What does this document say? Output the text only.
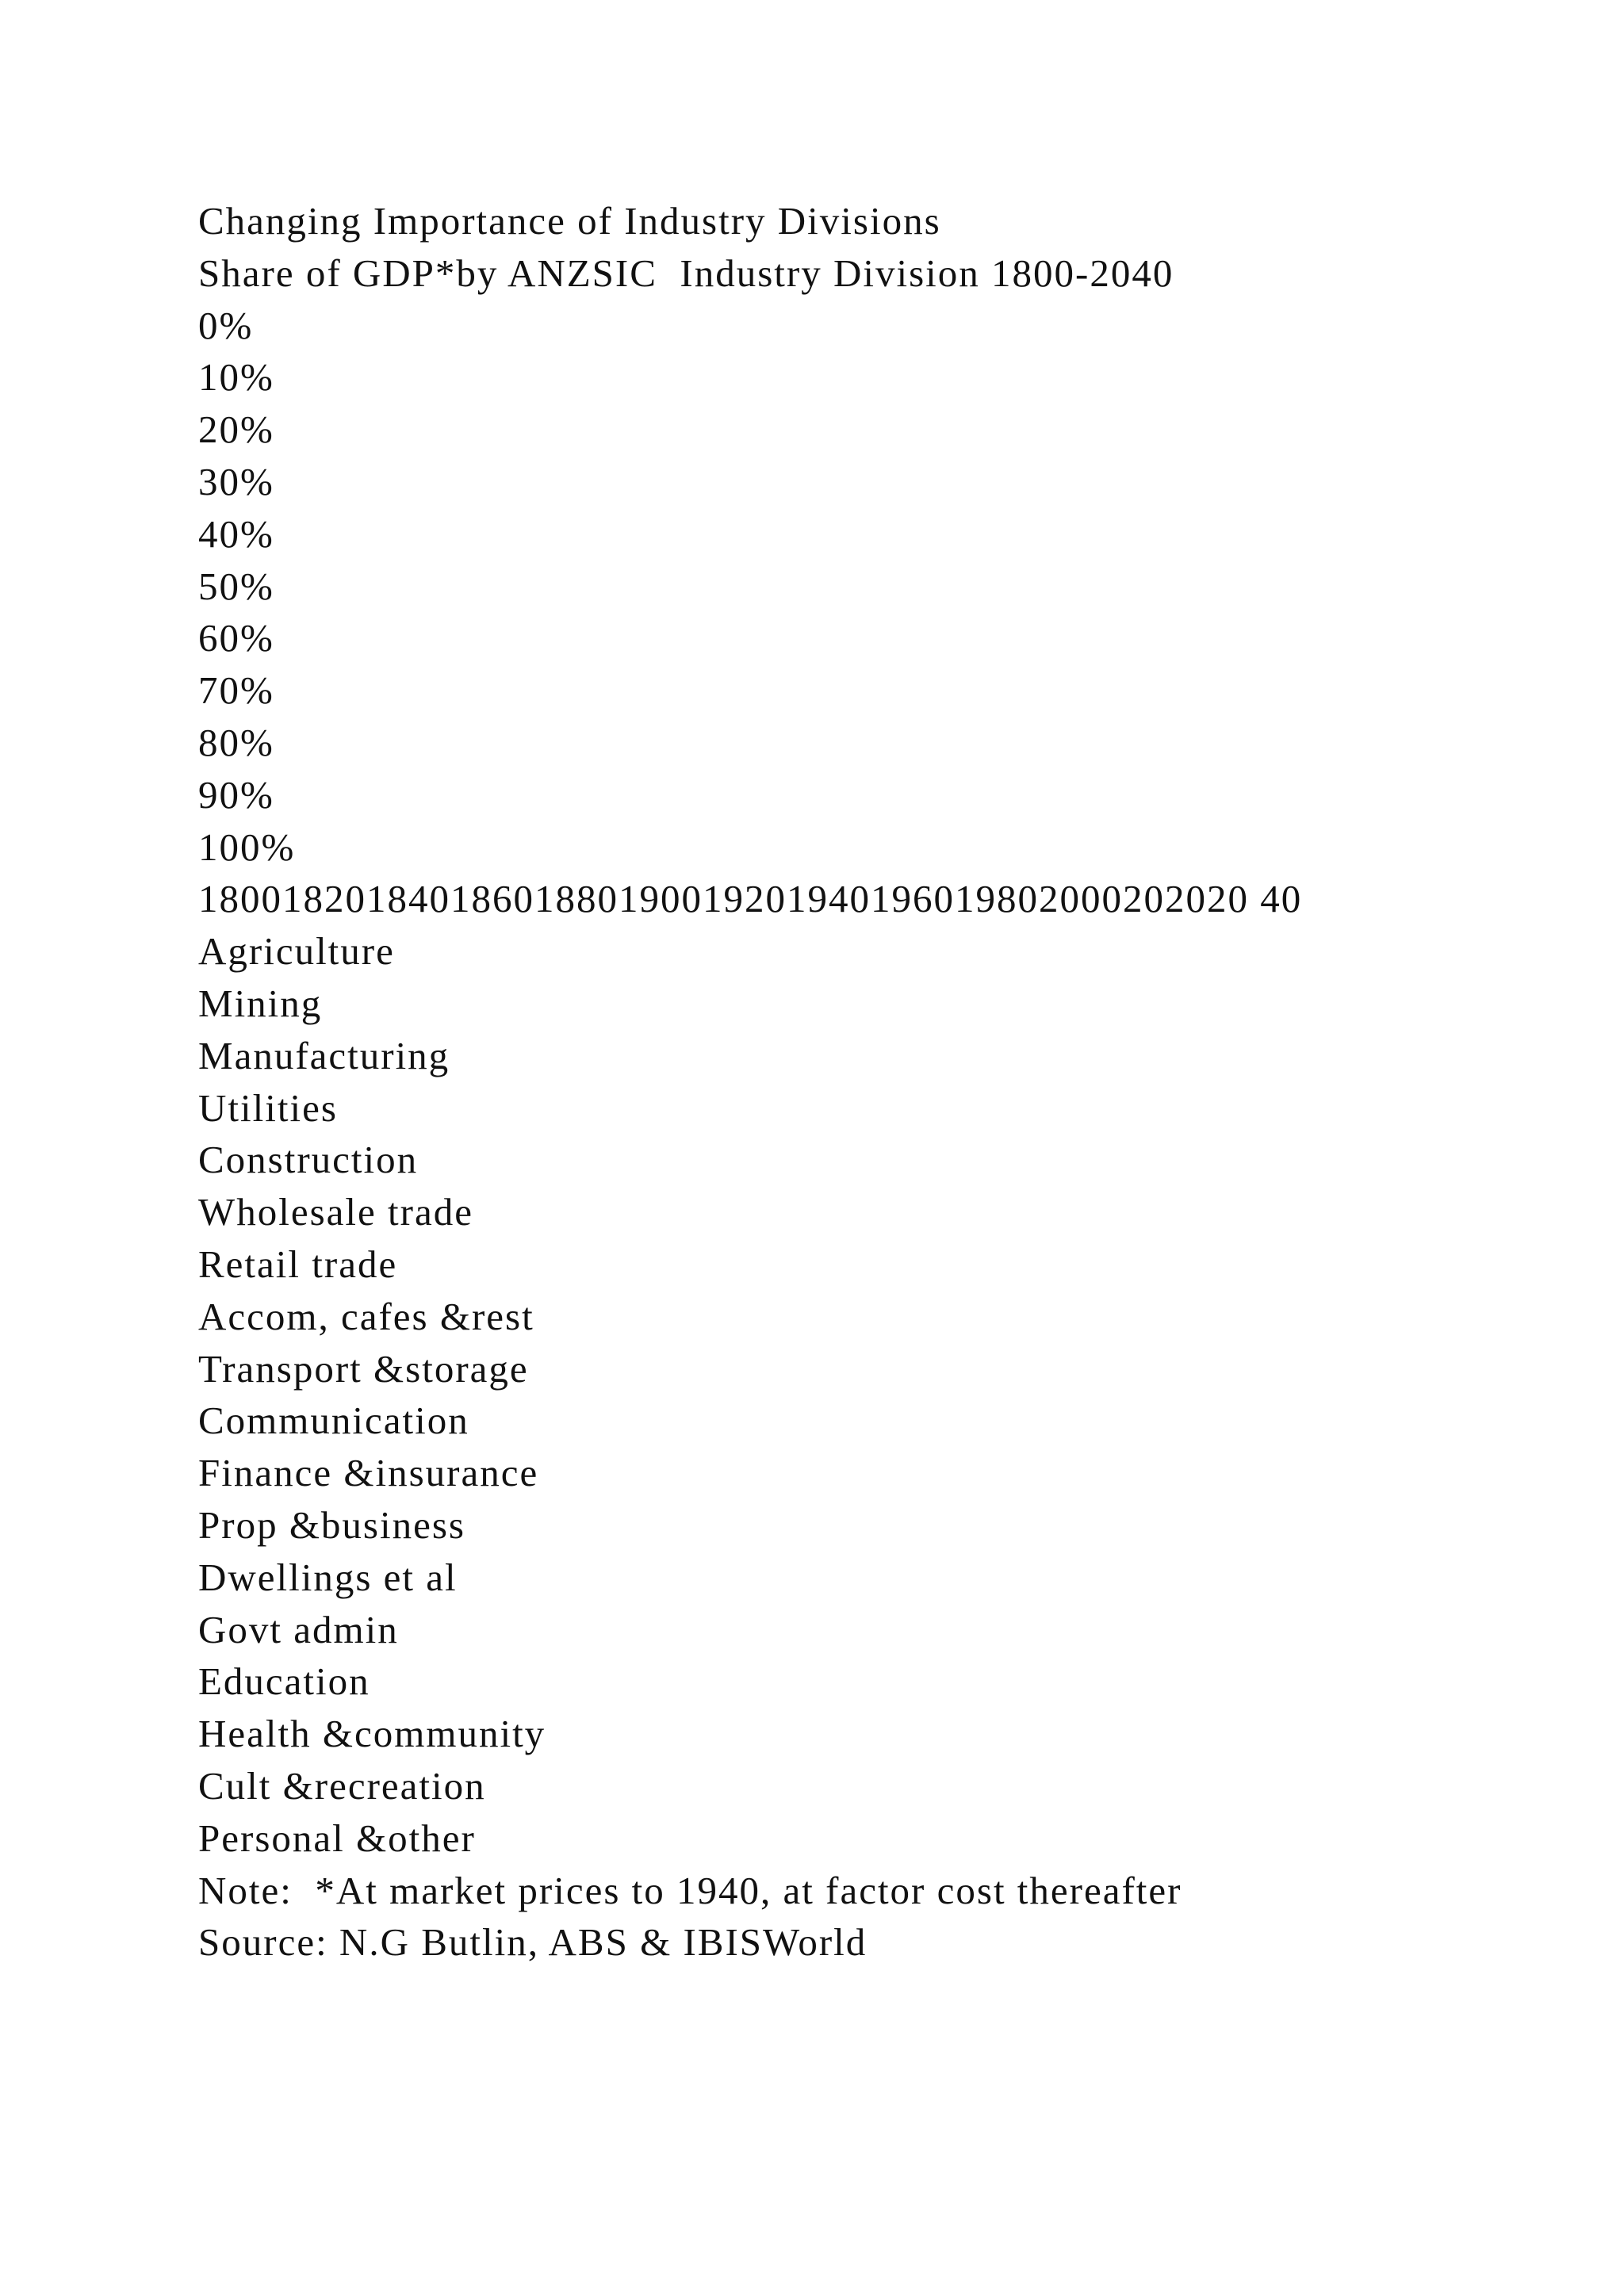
Changing Importance of Industry Divisions
Share of GDP*by ANZSIC  Industry Division 1800-2040
0%
10%
20%
30%
40%
50%
60%
70%
80%
90%
100%
18001820184018601880190019201940196019802000202020 40
Agriculture
Mining
Manufacturing
Utilities
Construction
Wholesale trade
Retail trade
Accom, cafes &rest
Transport &storage
Communication
Finance &insurance
Prop &business
Dwellings et al
Govt admin
Education
Health &community
Cult &recreation
Personal &other
Note:  *At market prices to 1940, at factor cost thereafter
Source: N.G Butlin, ABS & IBISWorld
